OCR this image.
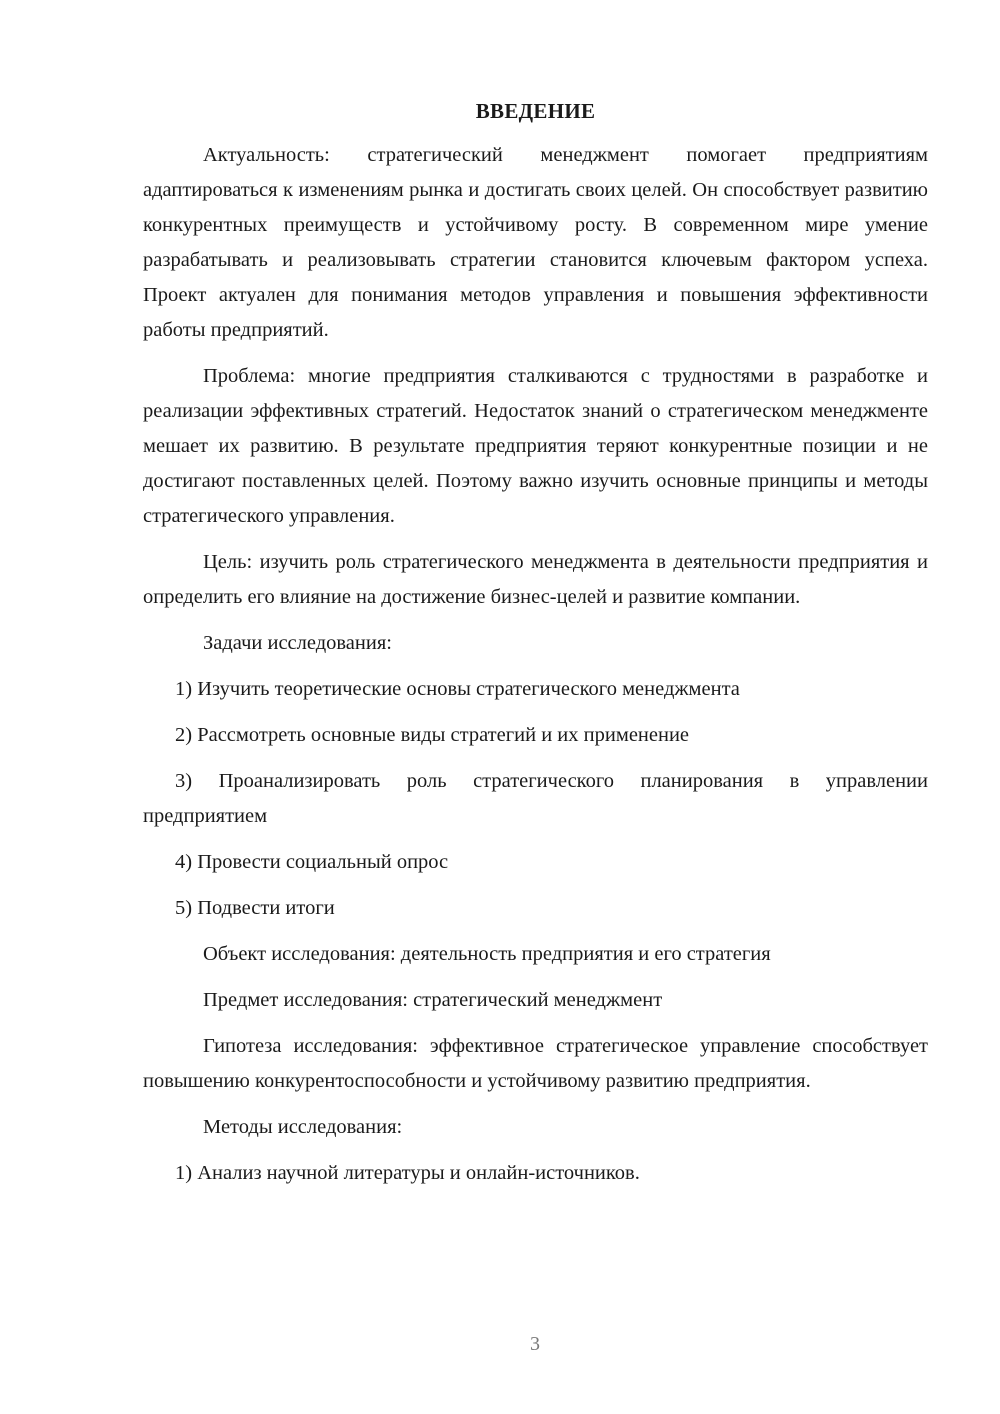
ВВЕДЕНИЕ

Актуальность: стратегический менеджмент помогает предприятиям адаптироваться к изменениям рынка и достигать своих целей. Он способствует развитию конкурентных преимуществ и устойчивому росту. В современном мире умение разрабатывать и реализовывать стратегии становится ключевым фактором успеха. Проект актуален для понимания методов управления и повышения эффективности работы предприятий.

Проблема: многие предприятия сталкиваются с трудностями в разработке и реализации эффективных стратегий. Недостаток знаний о стратегическом менеджменте мешает их развитию. В результате предприятия теряют конкурентные позиции и не достигают поставленных целей. Поэтому важно изучить основные принципы и методы стратегического управления.

Цель: изучить роль стратегического менеджмента в деятельности предприятия и определить его влияние на достижение бизнес-целей и развитие компании.

Задачи исследования:

1) Изучить теоретические основы стратегического менеджмента

2) Рассмотреть основные виды стратегий и их применение

3) Проанализировать роль стратегического планирования в управлении предприятием

4) Провести социальный опрос

5) Подвести итоги

Объект исследования: деятельность предприятия и его стратегия

Предмет исследования: стратегический менеджмент

Гипотеза исследования: эффективное стратегическое управление способствует повышению конкурентоспособности и устойчивому развитию предприятия.

Методы исследования:

1) Анализ научной литературы и онлайн-источников.

3
